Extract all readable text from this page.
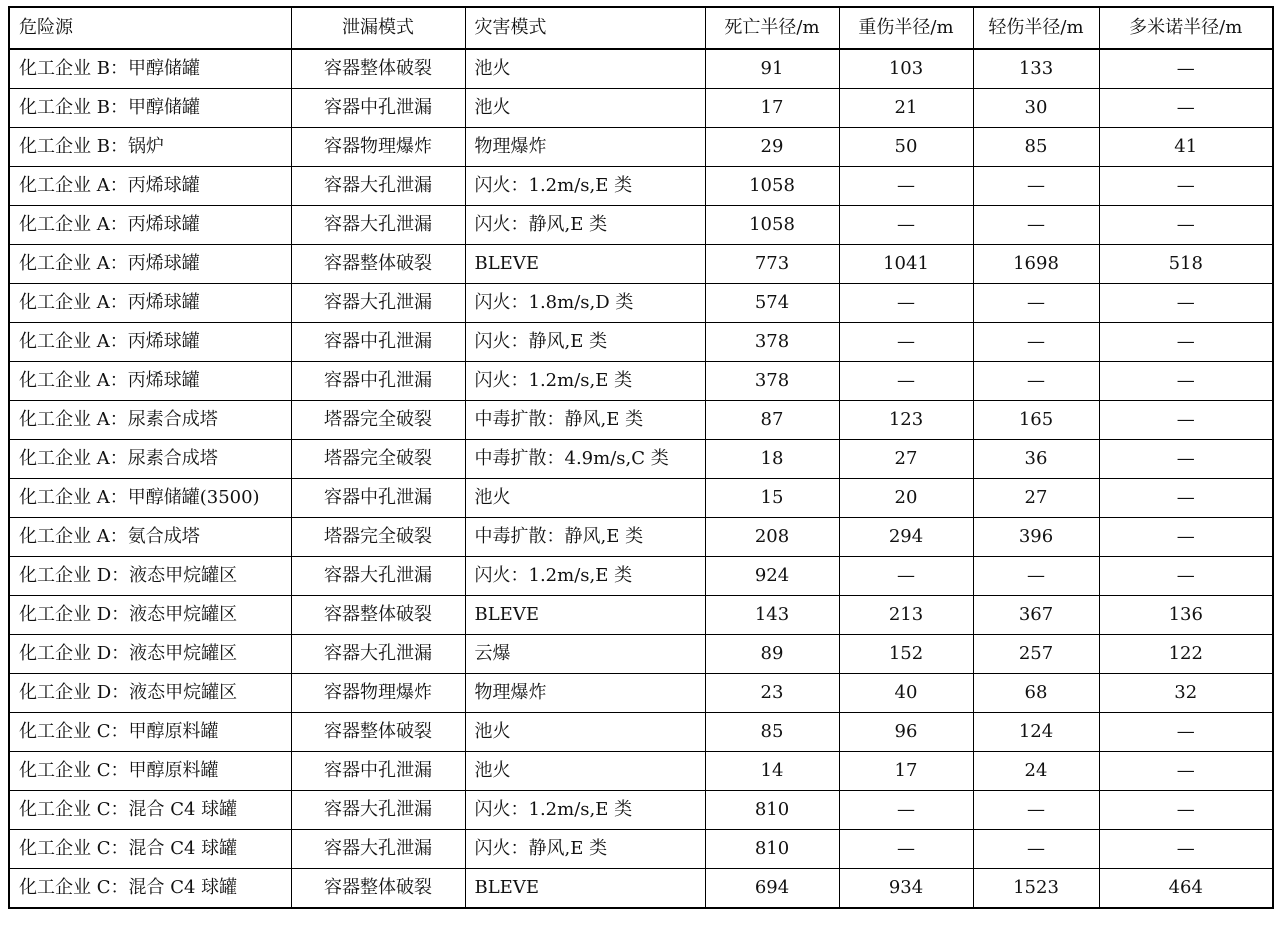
危险源	泄漏模式	灾害模式	死亡半径/m	重伤半径/m	轻伤半径/m	多米诺半径/m
化工企业 B：甲醇储罐	容器整体破裂	池火	91	103	133	—
化工企业 B：甲醇储罐	容器中孔泄漏	池火	17	21	30	—
化工企业 B：锅炉	容器物理爆炸	物理爆炸	29	50	85	41
化工企业 A：丙烯球罐	容器大孔泄漏	闪火：1.2m/s,E 类	1058	—	—	—
化工企业 A：丙烯球罐	容器大孔泄漏	闪火：静风,E 类	1058	—	—	—
化工企业 A：丙烯球罐	容器整体破裂	BLEVE	773	1041	1698	518
化工企业 A：丙烯球罐	容器大孔泄漏	闪火：1.8m/s,D 类	574	—	—	—
化工企业 A：丙烯球罐	容器中孔泄漏	闪火：静风,E 类	378	—	—	—
化工企业 A：丙烯球罐	容器中孔泄漏	闪火：1.2m/s,E 类	378	—	—	—
化工企业 A：尿素合成塔	塔器完全破裂	中毒扩散：静风,E 类	87	123	165	—
化工企业 A：尿素合成塔	塔器完全破裂	中毒扩散：4.9m/s,C 类	18	27	36	—
化工企业 A：甲醇储罐(3500)	容器中孔泄漏	池火	15	20	27	—
化工企业 A：氨合成塔	塔器完全破裂	中毒扩散：静风,E 类	208	294	396	—
化工企业 D：液态甲烷罐区	容器大孔泄漏	闪火：1.2m/s,E 类	924	—	—	—
化工企业 D：液态甲烷罐区	容器整体破裂	BLEVE	143	213	367	136
化工企业 D：液态甲烷罐区	容器大孔泄漏	云爆	89	152	257	122
化工企业 D：液态甲烷罐区	容器物理爆炸	物理爆炸	23	40	68	32
化工企业 C：甲醇原料罐	容器整体破裂	池火	85	96	124	—
化工企业 C：甲醇原料罐	容器中孔泄漏	池火	14	17	24	—
化工企业 C：混合 C4 球罐	容器大孔泄漏	闪火：1.2m/s,E 类	810	—	—	—
化工企业 C：混合 C4 球罐	容器大孔泄漏	闪火：静风,E 类	810	—	—	—
化工企业 C：混合 C4 球罐	容器整体破裂	BLEVE	694	934	1523	464
